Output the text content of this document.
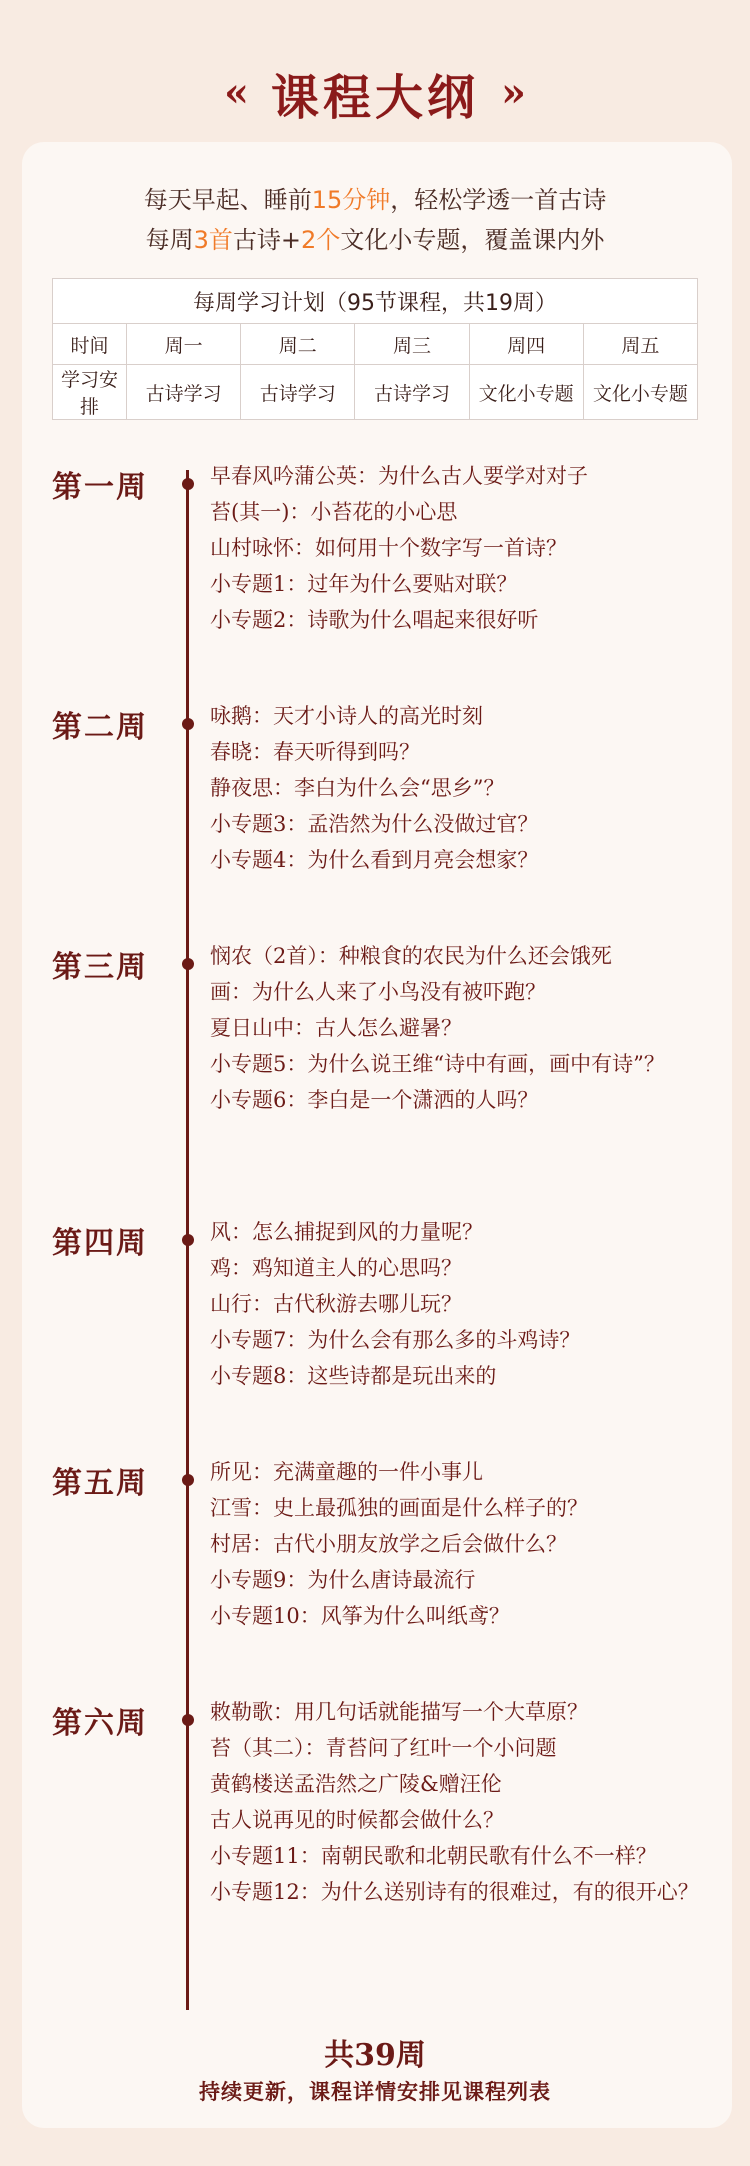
« 课程大纲 »
每天早起、睡前15分钟，轻松学透一首古诗
每周3首古诗+2个文化小专题，覆盖课内外
每周学习计划（95节课程，共19周）					
时间	周一	周二	周三	周四	周五
学习安排	古诗学习	古诗学习	古诗学习	文化小专题	文化小专题
第一周	早春风吟蒲公英：为什么古人要学对对子
苔(其一)：小苔花的小心思
山村咏怀：如何用十个数字写一首诗？
小专题1：过年为什么要贴对联？
小专题2：诗歌为什么唱起来很好听
第二周	咏鹅：天才小诗人的高光时刻
春晓：春天听得到吗？
静夜思：李白为什么会“思乡”？
小专题3：孟浩然为什么没做过官？
小专题4：为什么看到月亮会想家？
第三周	悯农（2首）：种粮食的农民为什么还会饿死
画：为什么人来了小鸟没有被吓跑？
夏日山中：古人怎么避暑？
小专题5： 为什么说王维“诗中有画，画中有诗”？
小专题6：李白是一个潇洒的人吗？
第四周	风：怎么捕捉到风的力量呢？
鸡：鸡知道主人的心思吗？
山行：古代秋游去哪儿玩？
小专题7：为什么会有那么多的斗鸡诗？
小专题8：这些诗都是玩出来的
第五周	所见：充满童趣的一件小事儿
江雪：史上最孤独的画面是什么样子的？
村居：古代小朋友放学之后会做什么？
小专题9：为什么唐诗最流行
小专题10：风筝为什么叫纸鸢？
第六周	敕勒歌：用几句话就能描写一个大草原？
苔（其二）：青苔问了红叶一个小问题
黄鹤楼送孟浩然之广陵&赠汪伦
古人说再见的时候都会做什么？
小专题11： 南朝民歌和北朝民歌有什么不一样？
小专题12： 为什么送别诗有的很难过，有的很开心？
共39周
持续更新，课程详情安排见课程列表
